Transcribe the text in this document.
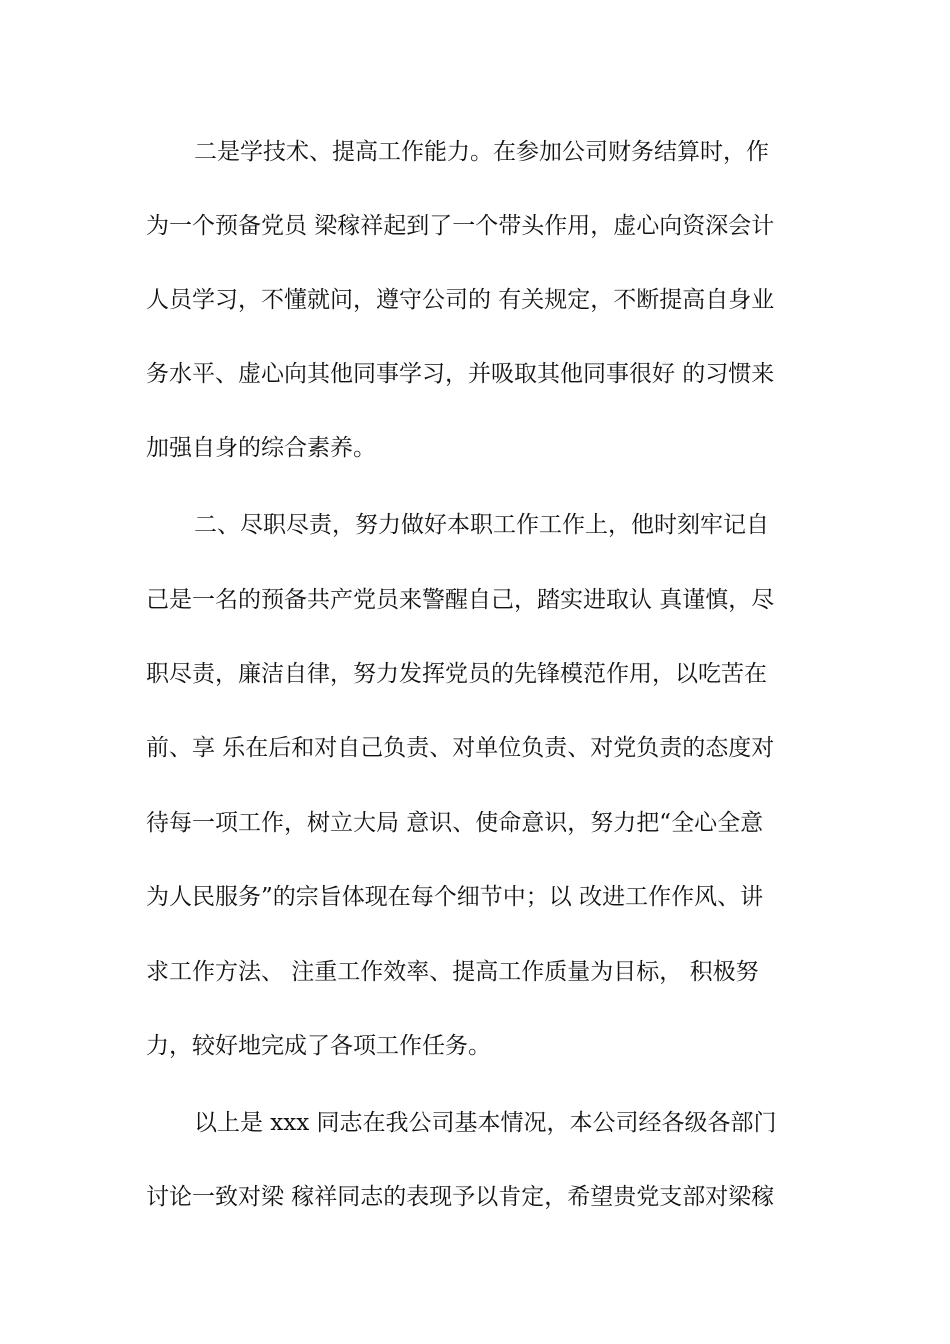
二是学技术、提高工作能力。在参加公司财务结算时，作
为一个预备党员 梁稼祥起到了一个带头作用，虚心向资深会计
人员学习，不懂就问，遵守公司的 有关规定，不断提高自身业
务水平、虚心向其他同事学习，并吸取其他同事很好 的习惯来
加强自身的综合素养。
二、尽职尽责，努力做好本职工作工作上，他时刻牢记自
己是一名的预备共产党员来警醒自己，踏实进取认 真谨慎，尽
职尽责，廉洁自律，努力发挥党员的先锋模范作用，以吃苦在
前、享 乐在后和对自己负责、对单位负责、对党负责的态度对
待每一项工作，树立大局 意识、使命意识，努力把“全心全意
为人民服务”的宗旨体现在每个细节中；以 改进工作作风、讲
求工作方法、 注重工作效率、提高工作质量为目标， 积极努
力，较好地完成了各项工作任务。
以上是 xxx 同志在我公司基本情况，本公司经各级各部门
讨论一致对梁 稼祥同志的表现予以肯定，希望贵党支部对梁稼
